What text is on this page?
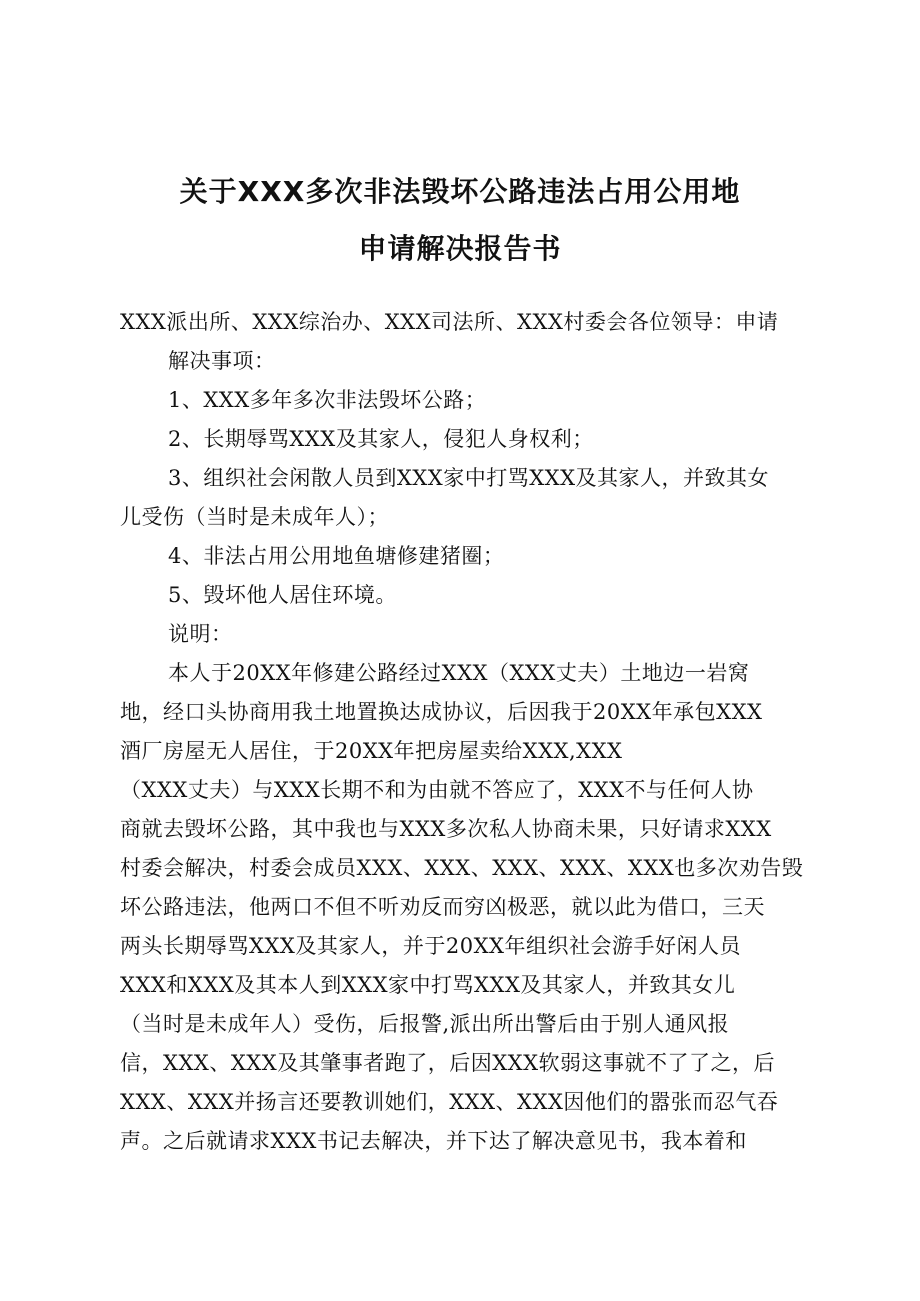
关于XXX多次非法毁坏公路违法占用公用地
申请解决报告书

XXX派出所、XXX综治办、XXX司法所、XXX村委会各位领导：申请

解决事项：

1、XXX多年多次非法毁坏公路；

2、长期辱骂XXX及其家人，侵犯人身权利；

3、组织社会闲散人员到XXX家中打骂XXX及其家人，并致其女

儿受伤（当时是未成年人）；

4、非法占用公用地鱼塘修建猪圈；

5、毁坏他人居住环境。

说明：

本人于20XX年修建公路经过XXX（XXX丈夫）土地边一岩窝

地，经口头协商用我土地置换达成协议，后因我于20XX年承包XXX

酒厂房屋无人居住，于20XX年把房屋卖给XXX,XXX

（XXX丈夫）与XXX长期不和为由就不答应了，XXX不与任何人协

商就去毁坏公路，其中我也与XXX多次私人协商未果，只好请求XXX

村委会解决，村委会成员XXX、XXX、XXX、XXX、XXX也多次劝告毁

坏公路违法，他两口不但不听劝反而穷凶极恶，就以此为借口，三天

两头长期辱骂XXX及其家人，并于20XX年组织社会游手好闲人员

XXX和XXX及其本人到XXX家中打骂XXX及其家人，并致其女儿

（当时是未成年人）受伤，后报警,派出所出警后由于别人通风报

信，XXX、XXX及其肇事者跑了，后因XXX软弱这事就不了了之，后

XXX、XXX并扬言还要教训她们，XXX、XXX因他们的嚣张而忍气吞

声。之后就请求XXX书记去解决，并下达了解决意见书，我本着和
